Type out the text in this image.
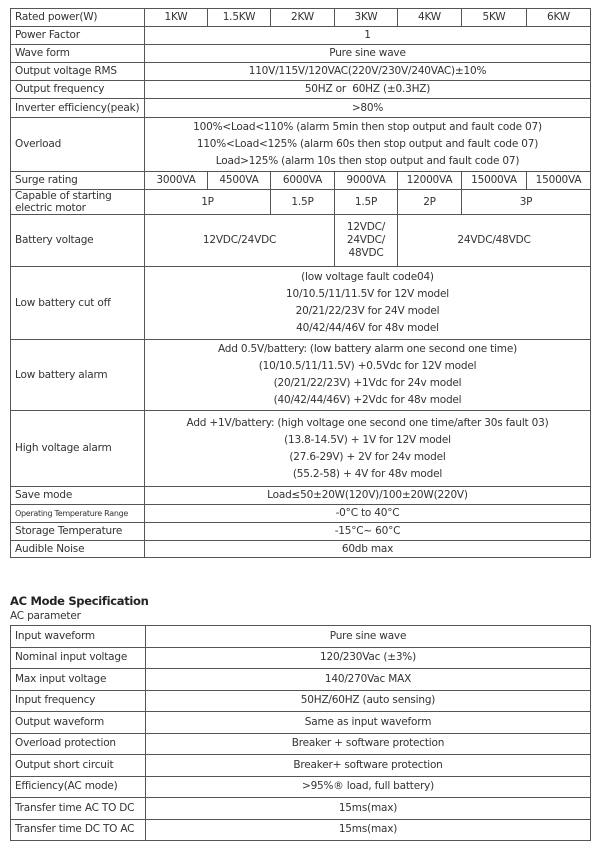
Rated power(W)	1KW	1.5KW	2KW	3KW	4KW	5KW	6KW
Power Factor	1						
Wave form	Pure sine wave						
Output voltage RMS	110V/115V/120VAC(220V/230V/240VAC)±10%						
Output frequency	50HZ or  60HZ (±0.3HZ)						
Inverter efficiency(peak)	>80%						
Overload	100%<Load<110% (alarm 5min then stop output and fault code 07)
110%<Load<125% (alarm 60s then stop output and fault code 07)
Load>125% (alarm 10s then stop output and fault code 07)						

Surge rating	3000VA	4500VA	6000VA	9000VA	12000VA	15000VA	15000VA
Capable of starting electric motor	1P		1.5P	1.5P	2P	3P	
Battery voltage	12VDC/24VDC			12VDC/
24VDC/
48VDC	24VDC/48VDC		
Low battery cut off	(low voltage fault code04)
10/10.5/11/11.5V for 12V model
20/21/22/23V for 24V model
40/42/44/46V for 48v model						

Low battery alarm	Add 0.5V/battery: (low battery alarm one second one time)
(10/10.5/11/11.5V) +0.5Vdc for 12V model
(20/21/22/23V) +1Vdc for 24v model
(40/42/44/46V) +2Vdc for 48v model						

High voltage alarm	Add +1V/battery: (high voltage one second one time/after 30s fault 03)
(13.8-14.5V) + 1V for 12V model
(27.6-29V) + 2V for 24v model
(55.2-58) + 4V for 48v model						

Save mode	Load≤50±20W(120V)/100±20W(220V)						
Operating Temperature Range	-0°C to 40°C						
Storage Temperature	-15°C~ 60°C						
Audible Noise	60db max						
AC Mode Specification
AC parameter
Input waveform	Pure sine wave
Nominal input voltage	120/230Vac (±3%)
Max input voltage	140/270Vac MAX
Input frequency	50HZ/60HZ (auto sensing)
Output waveform	Same as input waveform
Overload protection	Breaker + software protection
Output short circuit	Breaker+ software protection
Efficiency(AC mode)	>95%® load, full battery)
Transfer time AC TO DC	15ms(max)
Transfer time DC TO AC	15ms(max)
